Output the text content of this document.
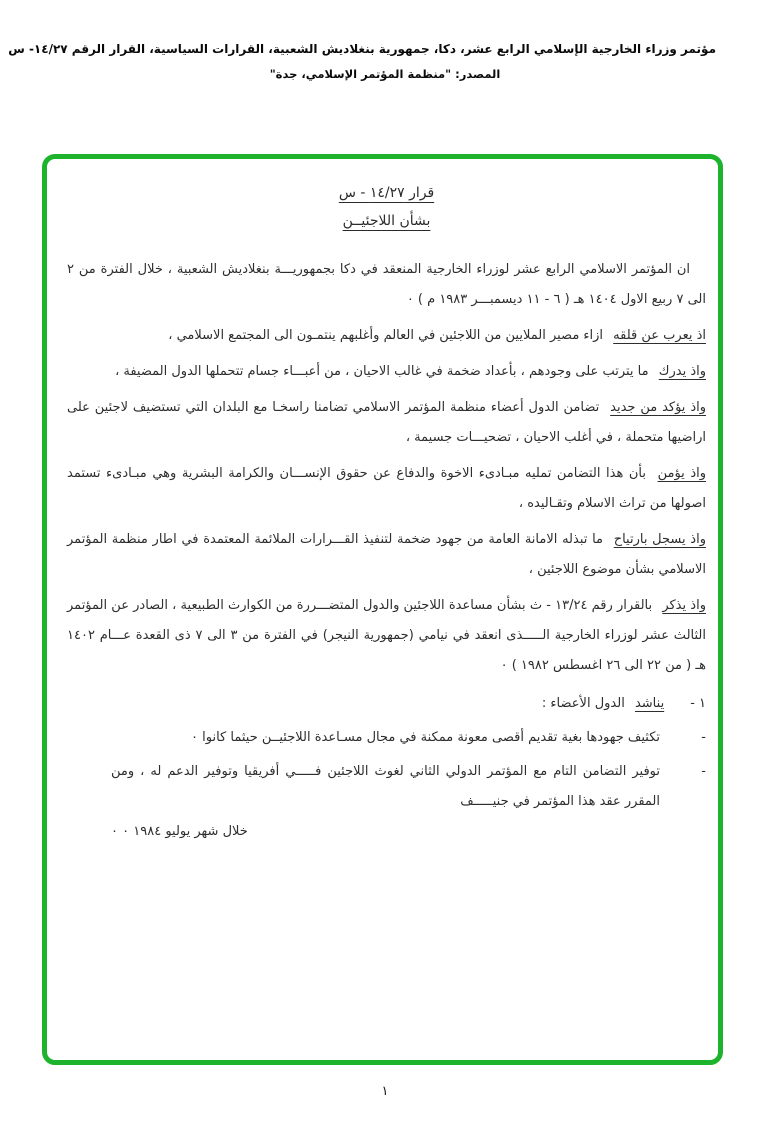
مؤتمر وزراء الخارجية الإسلامي الرابع عشر، دكا، جمهورية بنغلاديش الشعبية، القرارات السياسية، القرار الرقم ١٤/٢٧- س
المصدر: "منظمة المؤتمر الإسلامي، جدة"
قرار ١٤/٢٧ - س
بشأن اللاجئيــن

ان المؤتمر الاسلامي الرابع عشر لوزراء الخارجية المنعقد في دكا بجمهوريـــة بنغلاديش الشعبية ، خلال الفترة من ٢ الى ٧ ربيع الاول ١٤٠٤ هـ ( ٦ - ١١ ديسمبـــر ١٩٨٣ م ) ٠

اذ يعرب عن قلقه ازاء مصير الملايين من اللاجئين في العالم وأغلبهم ينتمـون الى المجتمع الاسلامي ،

واذ يدرك ما يترتب على وجودهم ، بأعداد ضخمة في غالب الاحيان ، من أعبـــاء جسام تتحملها الدول المضيفة ،

واذ يؤكد من جديد تضامن الدول أعضاء منظمة المؤتمر الاسلامي تضامنا راسخـا مع البلدان التي تستضيف لاجئين على اراضيها متحملة ، في أغلب الاحيان ، تضحيـــات جسيمة ،

واذ يؤمن بأن هذا التضامن تمليه مبـادىء الاخوة والدفاع عن حقوق الإنســـان والكرامة البشرية وهي مبـادىء تستمد اصولها من تراث الاسلام وتقـاليده ،

واذ يسجل بارتياح ما تبذله الامانة العامة من جهود ضخمة لتنفيذ القـــرارات الملائمة المعتمدة في اطار منظمة المؤتمر الاسلامي بشأن موضوع اللاجئين ،

واذ يذكر بالقرار رقم ١٣/٢٤ - ث بشأن مساعدة اللاجئين والدول المتضـــررة من الكوارث الطبيعية ، الصادر عن المؤتمر الثالث عشر لوزراء الخارجية الـــــذى انعقد في نيامي (جمهورية النيجر) في الفترة من ٣ الى ٧ ذى القعدة عـــام ١٤٠٢ هـ ( من ٢٢ الى ٢٦ اغسطس ١٩٨٢ ) ٠

١ -
يناشد الدول الأعضاء :
-
تكثيف جهودها بغية تقديم أقصى معونة ممكنة في مجال مسـاعدة اللاجئيــن حيثما كانوا ٠
-
توفير التضامن التام مع المؤتمر الدولي الثاني لغوث اللاجئين فـــــي أفريقيا وتوفير الدعم له ، ومن المقرر عقد هذا المؤتمر في جنيـــــف
خلال شهر يوليو ١٩٨٤ ٠ ٠
١
